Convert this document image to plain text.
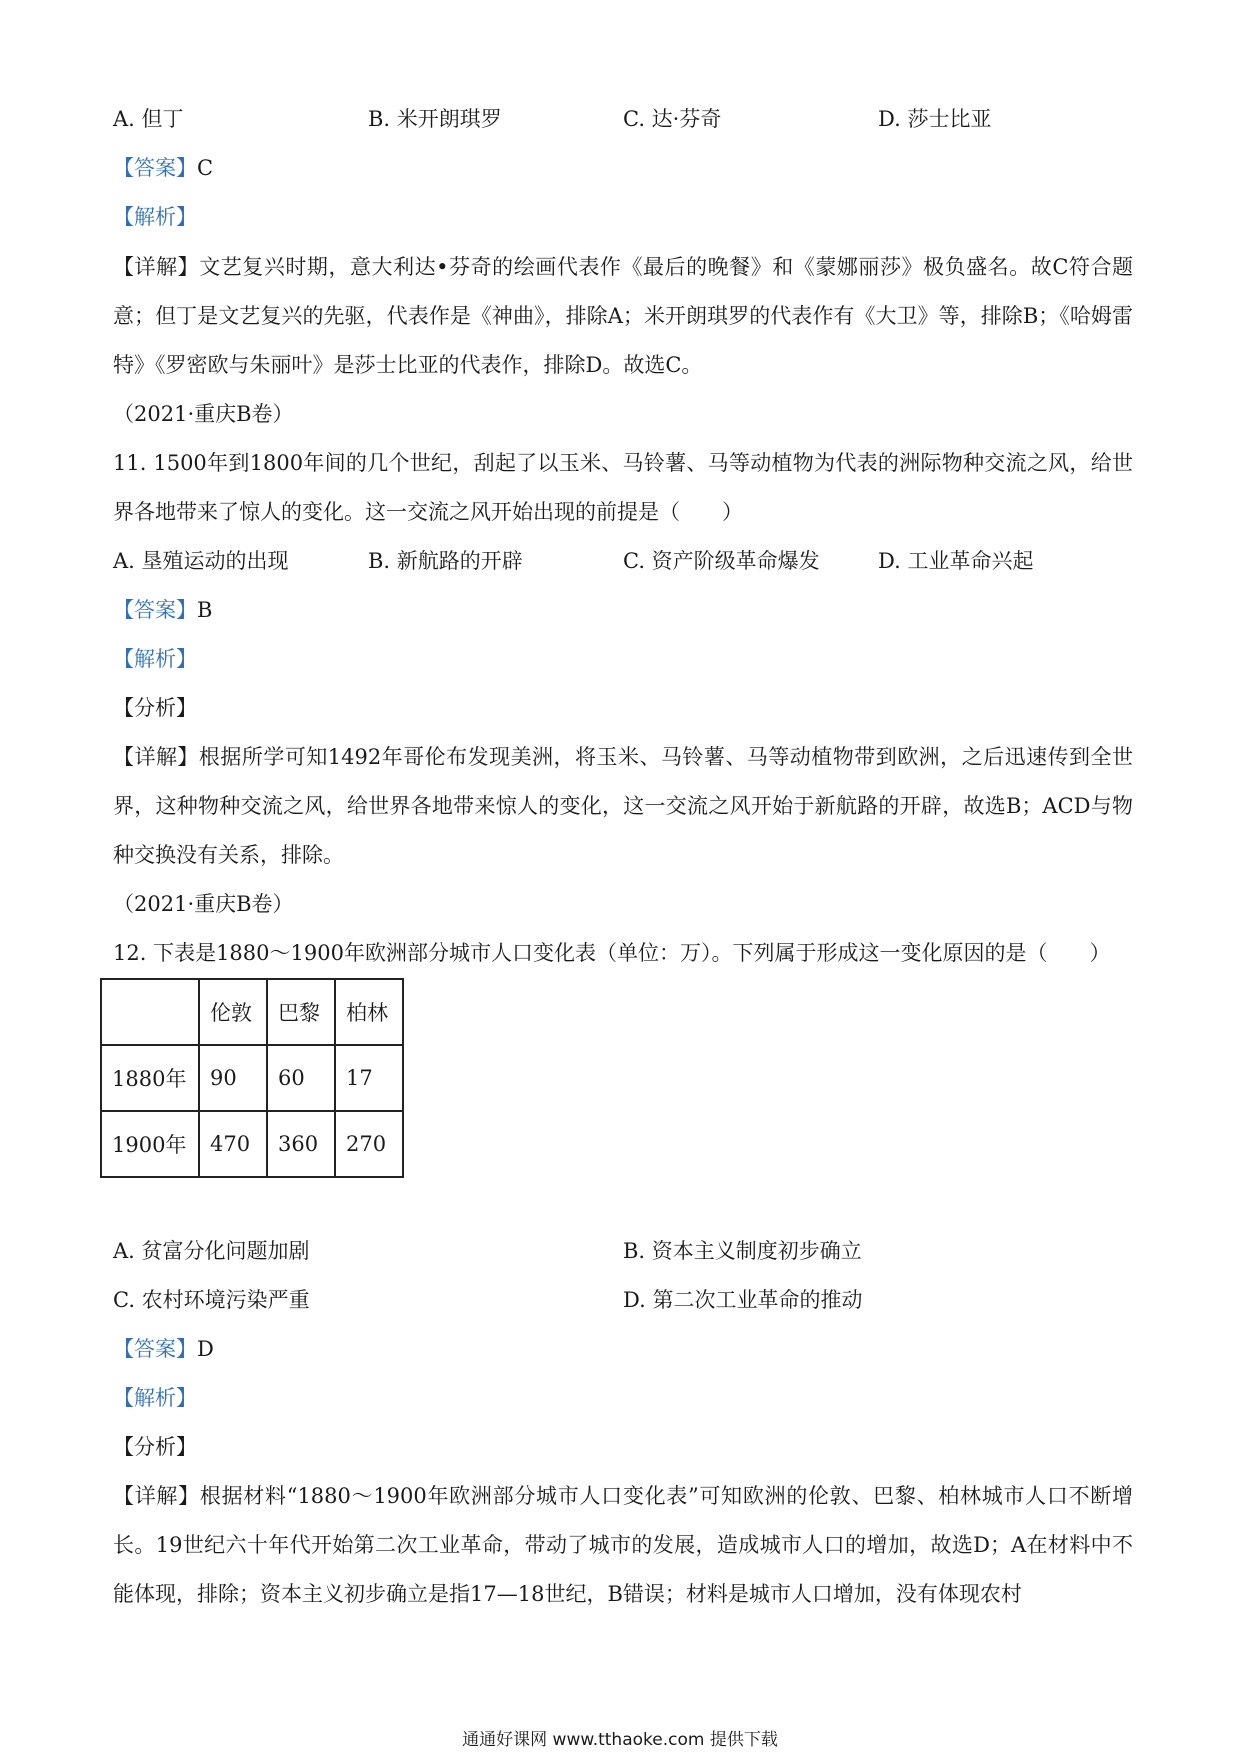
A. 但丁	B. 米开朗琪罗	C. 达·芬奇	D. 莎士比亚
【答案】C
【解析】
【详解】文艺复兴时期，意大利达•芬奇的绘画代表作《最后的晚餐》和《蒙娜丽莎》极负盛名。故C符合题意；但丁是文艺复兴的先驱，代表作是《神曲》，排除A；米开朗琪罗的代表作有《大卫》等，排除B；《哈姆雷特》《罗密欧与朱丽叶》是莎士比亚的代表作，排除D。故选C。
（2021·重庆B卷）
11. 1500年到1800年间的几个世纪，刮起了以玉米、马铃薯、马等动植物为代表的洲际物种交流之风，给世界各地带来了惊人的变化。这一交流之风开始出现的前提是（　　）
A. 垦殖运动的出现	B. 新航路的开辟	C. 资产阶级革命爆发	D. 工业革命兴起
【答案】B
【解析】
【分析】
【详解】根据所学可知1492年哥伦布发现美洲，将玉米、马铃薯、马等动植物带到欧洲，之后迅速传到全世界，这种物种交流之风，给世界各地带来惊人的变化，这一交流之风开始于新航路的开辟，故选B；ACD与物种交换没有关系，排除。
（2021·重庆B卷）
12. 下表是1880～1900年欧洲部分城市人口变化表（单位：万）。下列属于形成这一变化原因的是（　　）
	伦敦	巴黎	柏林
1880年	90	60	17
1900年	470	360	270
A. 贫富分化问题加剧	B. 资本主义制度初步确立
C. 农村环境污染严重	D. 第二次工业革命的推动
【答案】D
【解析】
【分析】
【详解】根据材料“1880～1900年欧洲部分城市人口变化表”可知欧洲的伦敦、巴黎、柏林城市人口不断增长。19世纪六十年代开始第二次工业革命，带动了城市的发展，造成城市人口的增加，故选D；A在材料中不能体现，排除；资本主义初步确立是指17—18世纪，B错误；材料是城市人口增加，没有体现农村
通通好课网 www.tthaoke.com 提供下载
